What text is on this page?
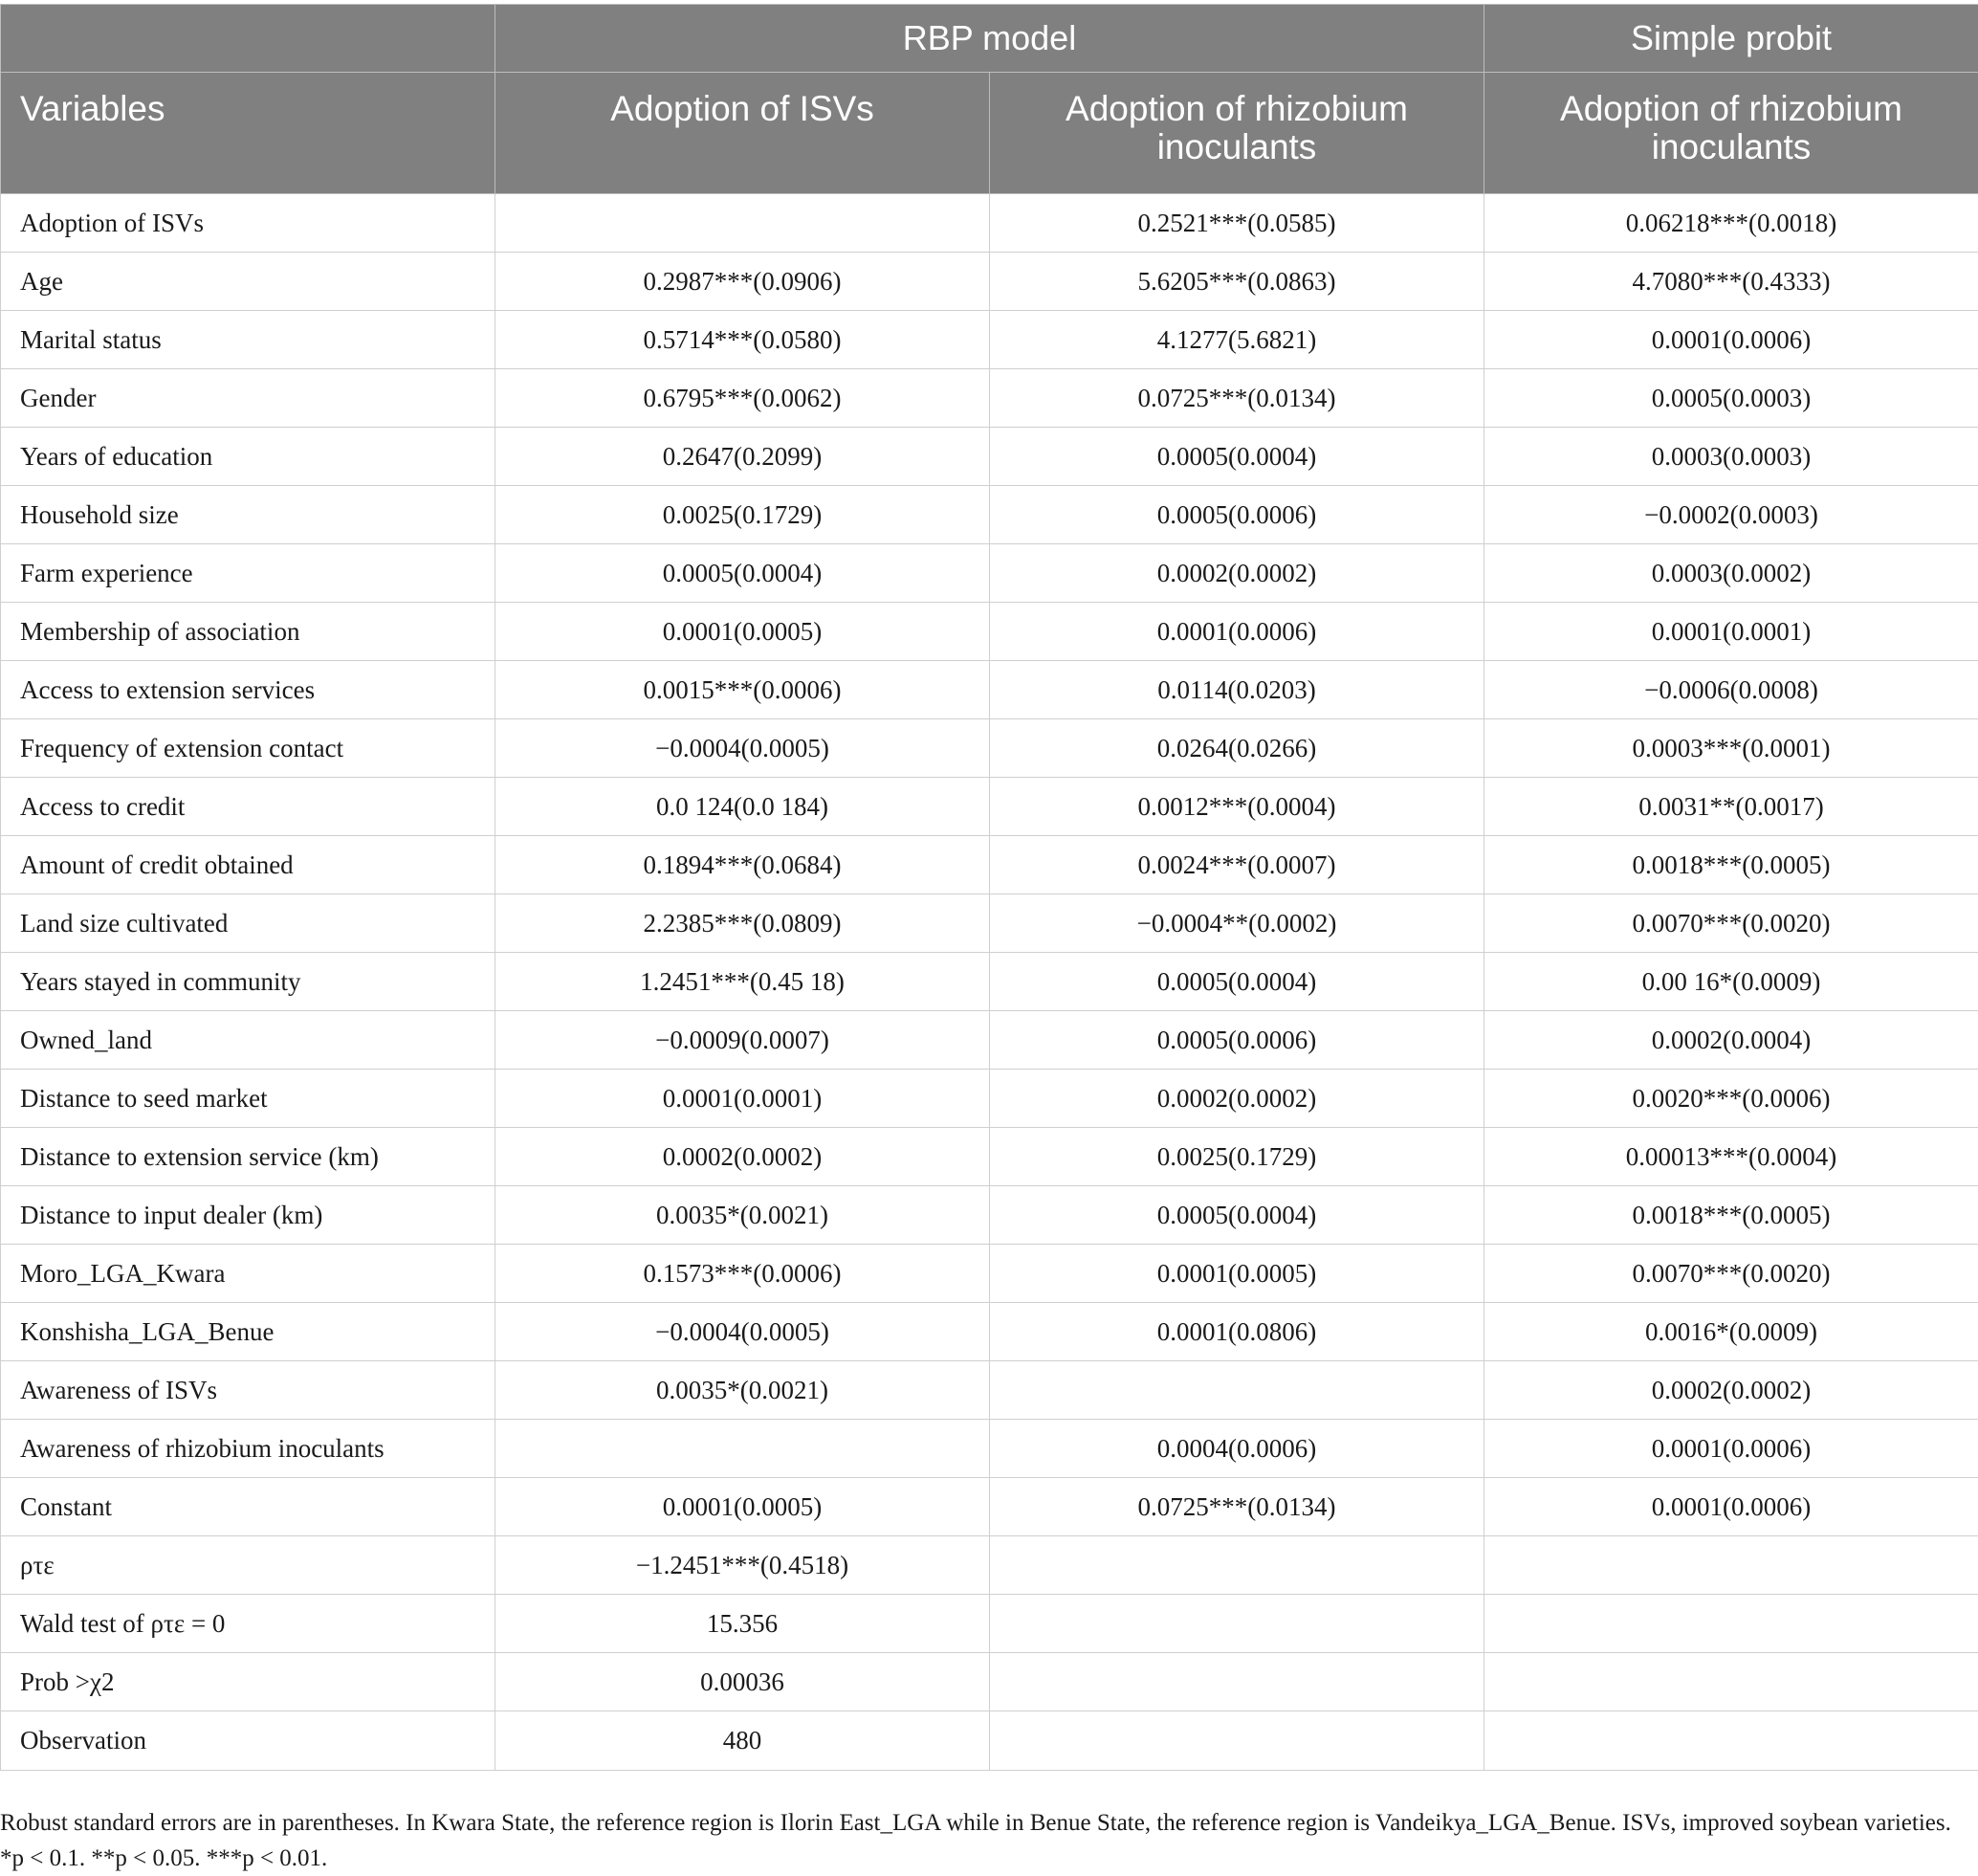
	RBP model		Simple probit
Variables	Adoption of ISVs	Adoption of rhizobium inoculants	Adoption of rhizobium inoculants
Adoption of ISVs		0.2521***(0.0585)	0.06218***(0.0018)
Age	0.2987***(0.0906)	5.6205***(0.0863)	4.7080***(0.4333)
Marital status	0.5714***(0.0580)	4.1277(5.6821)	0.0001(0.0006)
Gender	0.6795***(0.0062)	0.0725***(0.0134)	0.0005(0.0003)
Years of education	0.2647(0.2099)	0.0005(0.0004)	0.0003(0.0003)
Household size	0.0025(0.1729)	0.0005(0.0006)	−0.0002(0.0003)
Farm experience	0.0005(0.0004)	0.0002(0.0002)	0.0003(0.0002)
Membership of association	0.0001(0.0005)	0.0001(0.0006)	0.0001(0.0001)
Access to extension services	0.0015***(0.0006)	0.0114(0.0203)	−0.0006(0.0008)
Frequency of extension contact	−0.0004(0.0005)	0.0264(0.0266)	0.0003***(0.0001)
Access to credit	0.0 124(0.0 184)	0.0012***(0.0004)	0.0031**(0.0017)
Amount of credit obtained	0.1894***(0.0684)	0.0024***(0.0007)	0.0018***(0.0005)
Land size cultivated	2.2385***(0.0809)	−0.0004**(0.0002)	0.0070***(0.0020)
Years stayed in community	1.2451***(0.45 18)	0.0005(0.0004)	0.00 16*(0.0009)
Owned_land	−0.0009(0.0007)	0.0005(0.0006)	0.0002(0.0004)
Distance to seed market	0.0001(0.0001)	0.0002(0.0002)	0.0020***(0.0006)
Distance to extension service (km)	0.0002(0.0002)	0.0025(0.1729)	0.00013***(0.0004)
Distance to input dealer (km)	0.0035*(0.0021)	0.0005(0.0004)	0.0018***(0.0005)
Moro_LGA_Kwara	0.1573***(0.0006)	0.0001(0.0005)	0.0070***(0.0020)
Konshisha_LGA_Benue	−0.0004(0.0005)	0.0001(0.0806)	0.0016*(0.0009)
Awareness of ISVs	0.0035*(0.0021)		0.0002(0.0002)
Awareness of rhizobium inoculants		0.0004(0.0006)	0.0001(0.0006)
Constant	0.0001(0.0005)	0.0725***(0.0134)	0.0001(0.0006)
ρτε	−1.2451***(0.4518)		
Wald test of ρτε = 0	15.356		
Prob >χ2	0.00036		
Observation	480		

Robust standard errors are in parentheses. In Kwara State, the reference region is Ilorin East_LGA while in Benue State, the reference region is Vandeikya_LGA_Benue. ISVs, improved soybean varieties. *p < 0.1. **p < 0.05. ***p < 0.01.
